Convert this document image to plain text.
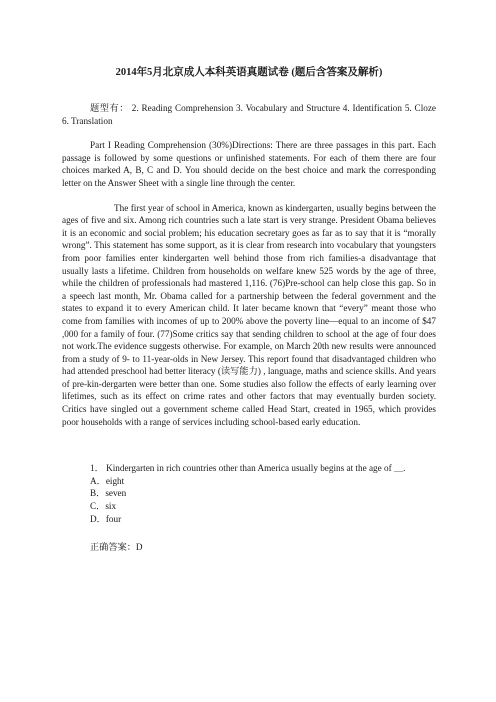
2014年5月北京成人本科英语真题试卷 (题后含答案及解析)

题型有： 2. Reading Comprehension 3. Vocabulary and Structure 4. Identification 5. Cloze 6. Translation

Part I Reading Comprehension (30%)Directions: There are three passages in this part. Each passage is followed by some questions or unfinished statements. For each of them there are four choices marked A, B, C and D. You should decide on the best choice and mark the corresponding letter on the Answer Sheet with a single line through the center.

The first year of school in America, known as kindergarten, usually begins between the ages of five and six. Among rich countries such a late start is very strange. President Obama believes it is an economic and social problem; his education secretary goes as far as to say that it is “morally wrong”. This statement has some support, as it is clear from research into vocabulary that youngsters from poor families enter kindergarten well behind those from rich families-a disadvantage that usually lasts a lifetime. Children from households on welfare knew 525 words by the age of three, while the children of professionals had mastered 1,116. (76)Pre-school can help close this gap. So in a speech last month, Mr. Obama called for a partnership between the federal government and the states to expand it to every American child. It later became known that “every” meant those who come from families with incomes of up to 200% above the poverty line—equal to an income of $47 ,000 for a family of four. (77)Some critics say that sending children to school at the age of four does not work.The evidence suggests otherwise. For example, on March 20th new results were announced from a study of 9- to 11-year-olds in New Jersey. This report found that disadvantaged children who had attended preschool had better literacy (读写能力) , language, maths and science skills. And years of pre-kin-dergarten were better than one. Some studies also follow the effects of early learning over lifetimes, such as its effect on crime rates and other factors that may eventually burden society. Critics have singled out a government scheme called Head Start, created in 1965, which provides poor households with a range of services including school-based early education.

1． Kindergarten in rich countries other than America usually begins at the age of ＿.

A．eight
B．seven
C．six
D．four
正确答案：D
